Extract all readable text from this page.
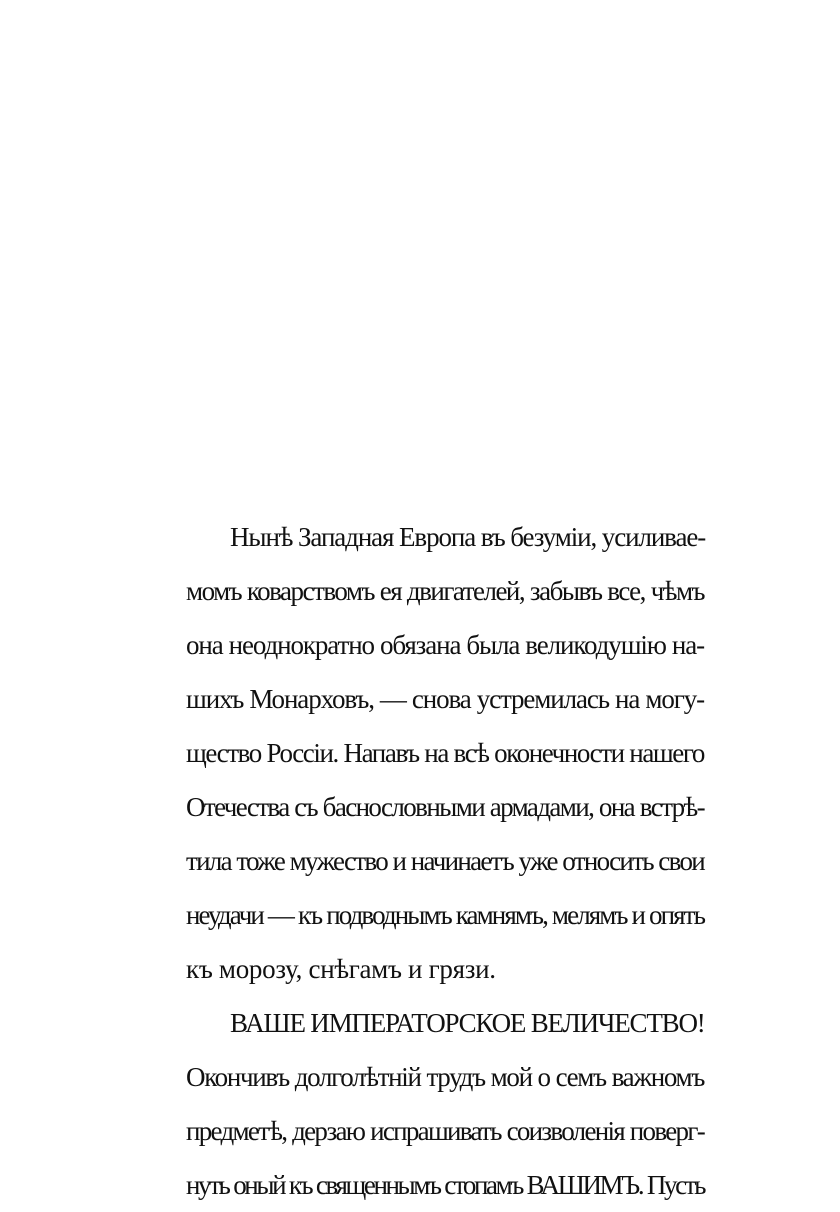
Нынѣ Западная Европа въ безуміи, усиливае-
момъ коварствомъ ея двигателей, забывъ все, чѣмъ
она неоднократно обязана была великодушію на-
шихъ Монарховъ, — снова устремилась на могу-
щество Россіи. Напавъ на всѣ оконечности нашего
Отечества съ баснословными армадами, она встрѣ-
тила тоже мужество и начинаетъ уже относить свои
неудачи — къ подводнымъ камнямъ, мелямъ и опять
къ морозу, снѣгамъ и грязи.
ВАШЕ ИМПЕРАТОРСКОЕ ВЕЛИЧЕСТВО!
Окончивъ долголѣтній трудъ мой о семъ важномъ
предметѣ, дерзаю испрашивать соизволенія поверг-
нуть оный къ священнымъ стопамъ ВАШИМЪ. Пусть
